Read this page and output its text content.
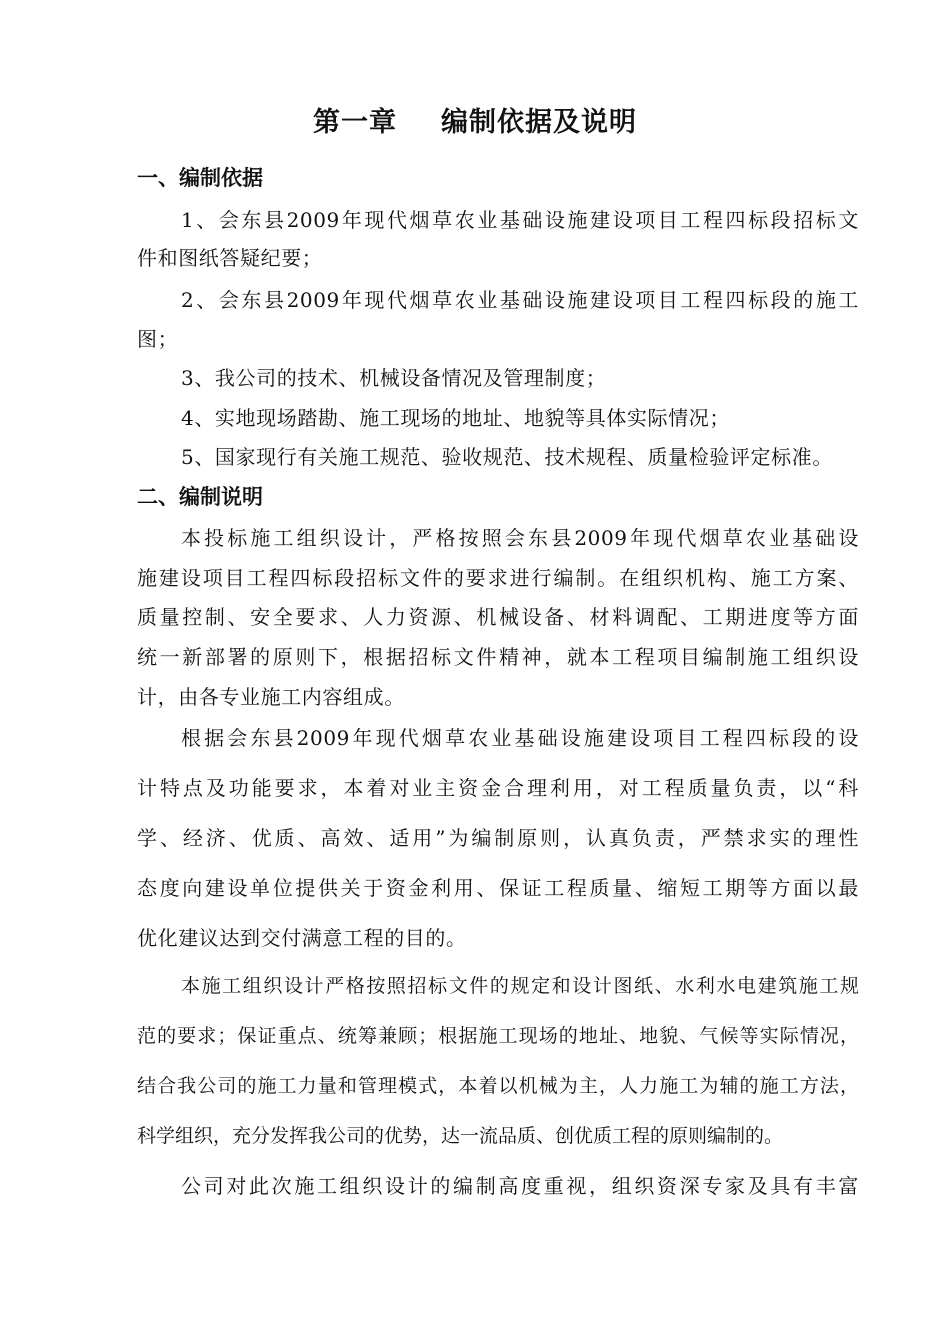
第一章 编制依据及说明
一、编制依据
1、会东县2009年现代烟草农业基础设施建设项目工程四标段招标文
件和图纸答疑纪要；
2、会东县2009年现代烟草农业基础设施建设项目工程四标段的施工
图；
3、我公司的技术、机械设备情况及管理制度；
4、实地现场踏勘、施工现场的地址、地貌等具体实际情况；
5、国家现行有关施工规范、验收规范、技术规程、质量检验评定标准。
二、编制说明
本投标施工组织设计，严格按照会东县2009年现代烟草农业基础设
施建设项目工程四标段招标文件的要求进行编制。在组织机构、施工方案、
质量控制、安全要求、人力资源、机械设备、材料调配、工期进度等方面
统一新部署的原则下，根据招标文件精神，就本工程项目编制施工组织设
计，由各专业施工内容组成。
根据会东县2009年现代烟草农业基础设施建设项目工程四标段的设
计特点及功能要求，本着对业主资金合理利用，对工程质量负责，以“科
学、经济、优质、高效、适用”为编制原则，认真负责，严禁求实的理性
态度向建设单位提供关于资金利用、保证工程质量、缩短工期等方面以最
优化建议达到交付满意工程的目的。
本施工组织设计严格按照招标文件的规定和设计图纸、水利水电建筑施工规
范的要求；保证重点、统筹兼顾；根据施工现场的地址、地貌、气候等实际情况，
结合我公司的施工力量和管理模式，本着以机械为主，人力施工为辅的施工方法，
科学组织，充分发挥我公司的优势，达一流品质、创优质工程的原则编制的。
公司对此次施工组织设计的编制高度重视，组织资深专家及具有丰富
